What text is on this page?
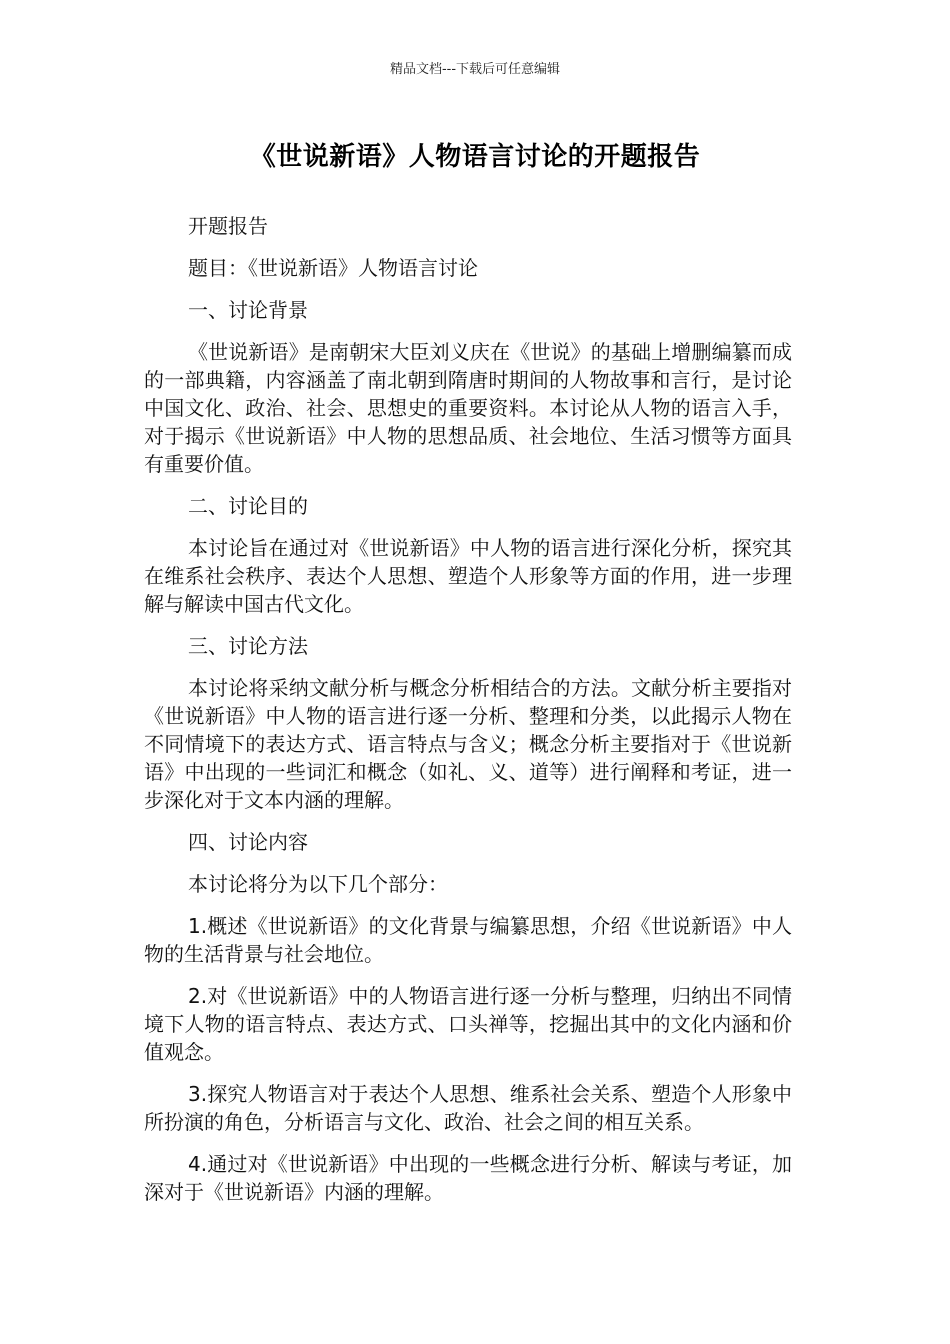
精品文档---下载后可任意编辑
《世说新语》人物语言讨论的开题报告
开题报告
题目：《世说新语》人物语言讨论
一、讨论背景
《世说新语》是南朝宋大臣刘义庆在《世说》的基础上增删编纂而成的一部典籍，内容涵盖了南北朝到隋唐时期间的人物故事和言行，是讨论中国文化、政治、社会、思想史的重要资料。本讨论从人物的语言入手，对于揭示《世说新语》中人物的思想品质、社会地位、生活习惯等方面具有重要价值。
二、讨论目的
本讨论旨在通过对《世说新语》中人物的语言进行深化分析，探究其在维系社会秩序、表达个人思想、塑造个人形象等方面的作用，进一步理解与解读中国古代文化。
三、讨论方法
本讨论将采纳文献分析与概念分析相结合的方法。文献分析主要指对《世说新语》中人物的语言进行逐一分析、整理和分类，以此揭示人物在不同情境下的表达方式、语言特点与含义；概念分析主要指对于《世说新语》中出现的一些词汇和概念（如礼、义、道等）进行阐释和考证，进一步深化对于文本内涵的理解。
四、讨论内容
本讨论将分为以下几个部分：
1.概述《世说新语》的文化背景与编纂思想，介绍《世说新语》中人物的生活背景与社会地位。
2.对《世说新语》中的人物语言进行逐一分析与整理，归纳出不同情境下人物的语言特点、表达方式、口头禅等，挖掘出其中的文化内涵和价值观念。
3.探究人物语言对于表达个人思想、维系社会关系、塑造个人形象中所扮演的角色，分析语言与文化、政治、社会之间的相互关系。
4.通过对《世说新语》中出现的一些概念进行分析、解读与考证，加深对于《世说新语》内涵的理解。
